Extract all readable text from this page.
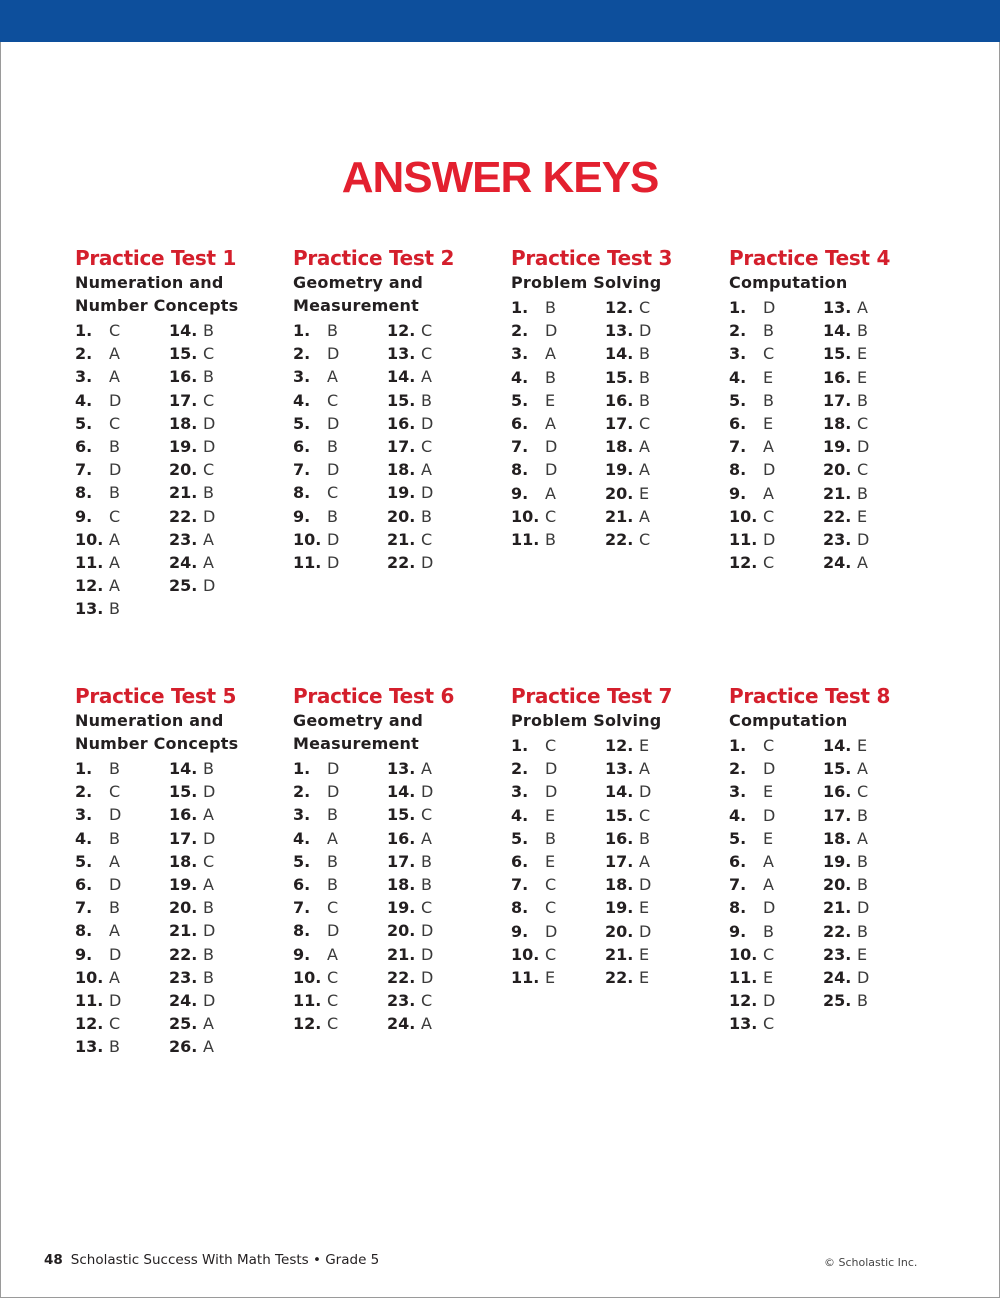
ANSWER KEYS
Practice Test 1
Numeration and
Number Concepts
1. C
2. A
3. A
4. D
5. C
6. B
7. D
8. B
9. C
10. A
11. A
12. A
13. B
14. B
15. C
16. B
17. C
18. D
19. D
20. C
21. B
22. D
23. A
24. A
25. D
Practice Test 2
Geometry and
Measurement
1. B
2. D
3. A
4. C
5. D
6. B
7. D
8. C
9. B
10. D
11. D
12. C
13. C
14. A
15. B
16. D
17. C
18. A
19. D
20. B
21. C
22. D
Practice Test 3
Problem Solving
1. B
2. D
3. A
4. B
5. E
6. A
7. D
8. D
9. A
10. C
11. B
12. C
13. D
14. B
15. B
16. B
17. C
18. A
19. A
20. E
21. A
22. C
Practice Test 4
Computation
1. D
2. B
3. C
4. E
5. B
6. E
7. A
8. D
9. A
10. C
11. D
12. C
13. A
14. B
15. E
16. E
17. B
18. C
19. D
20. C
21. B
22. E
23. D
24. A
Practice Test 5
Numeration and
Number Concepts
1. B
2. C
3. D
4. B
5. A
6. D
7. B
8. A
9. D
10. A
11. D
12. C
13. B
14. B
15. D
16. A
17. D
18. C
19. A
20. B
21. D
22. B
23. B
24. D
25. A
26. A
Practice Test 6
Geometry and
Measurement
1. D
2. D
3. B
4. A
5. B
6. B
7. C
8. D
9. A
10. C
11. C
12. C
13. A
14. D
15. C
16. A
17. B
18. B
19. C
20. D
21. D
22. D
23. C
24. A
Practice Test 7
Problem Solving
1. C
2. D
3. D
4. E
5. B
6. E
7. C
8. C
9. D
10. C
11. E
12. E
13. A
14. D
15. C
16. B
17. A
18. D
19. E
20. D
21. E
22. E
Practice Test 8
Computation
1. C
2. D
3. E
4. D
5. E
6. A
7. A
8. D
9. B
10. C
11. E
12. D
13. C
14. E
15. A
16. C
17. B
18. A
19. B
20. B
21. D
22. B
23. E
24. D
25. B
48 Scholastic Success With Math Tests • Grade 5	© Scholastic Inc.
